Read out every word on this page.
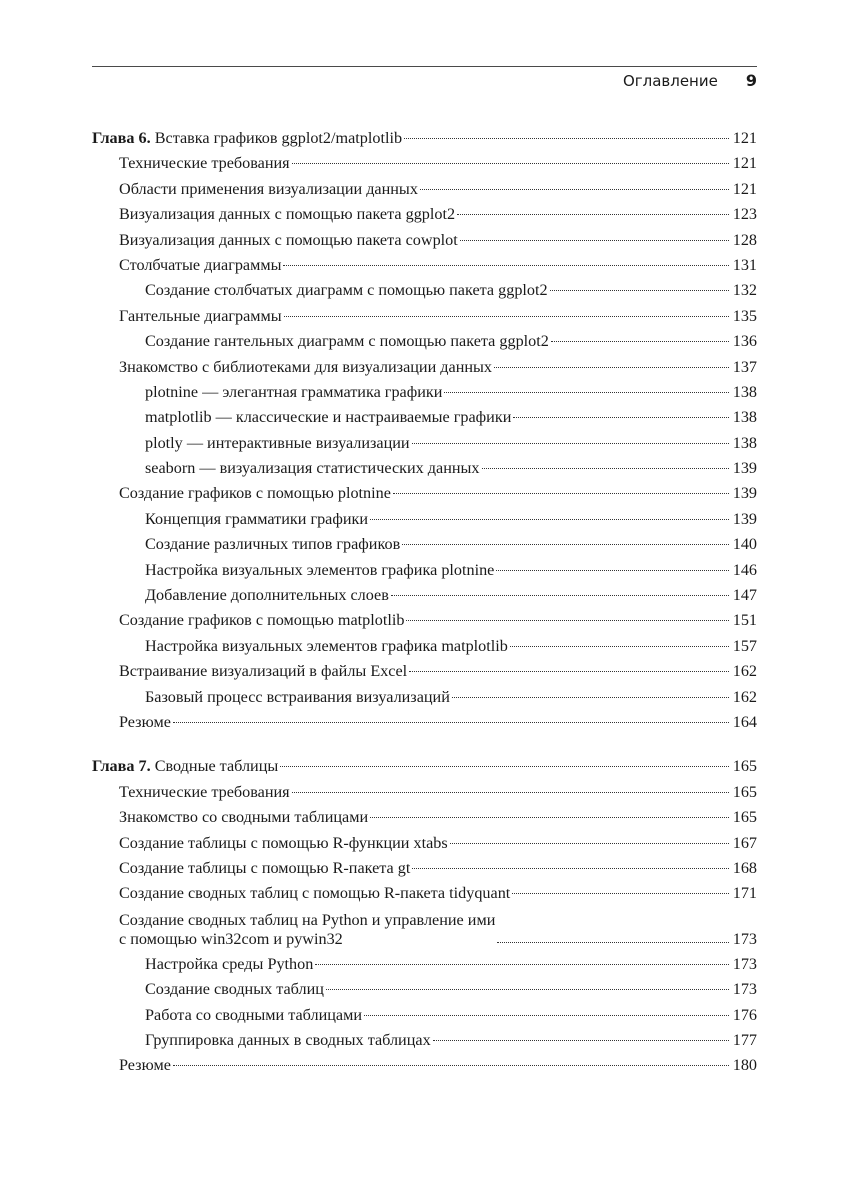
Оглавление 9
Глава 6. Вставка графиков ggplot2/matplotlib	121
Технические требования	121
Области применения визуализации данных	121
Визуализация данных с помощью пакета ggplot2	123
Визуализация данных с помощью пакета cowplot	128
Столбчатые диаграммы	131
Создание столбчатых диаграмм с помощью пакета ggplot2	132
Гантельные диаграммы	135
Создание гантельных диаграмм с помощью пакета ggplot2	136
Знакомство с библиотеками для визуализации данных	137
plotnine — элегантная грамматика графики	138
matplotlib — классические и настраиваемые графики	138
plotly — интерактивные визуализации	138
seaborn — визуализация статистических данных	139
Создание графиков с помощью plotnine	139
Концепция грамматики графики	139
Создание различных типов графиков	140
Настройка визуальных элементов графика plotnine	146
Добавление дополнительных слоев	147
Создание графиков с помощью matplotlib	151
Настройка визуальных элементов графика matplotlib	157
Встраивание визуализаций в файлы Excel	162
Базовый процесс встраивания визуализаций	162
Резюме	164
Глава 7. Сводные таблицы	165
Технические требования	165
Знакомство со сводными таблицами	165
Создание таблицы с помощью R-функции xtabs	167
Создание таблицы с помощью R-пакета gt	168
Создание сводных таблиц с помощью R-пакета tidyquant	171
Создание сводных таблиц на Python и управление ими
с помощью win32com и pywin32	173
Настройка среды Python	173
Создание сводных таблиц	173
Работа со сводными таблицами	176
Группировка данных в сводных таблицах	177
Резюме	180
